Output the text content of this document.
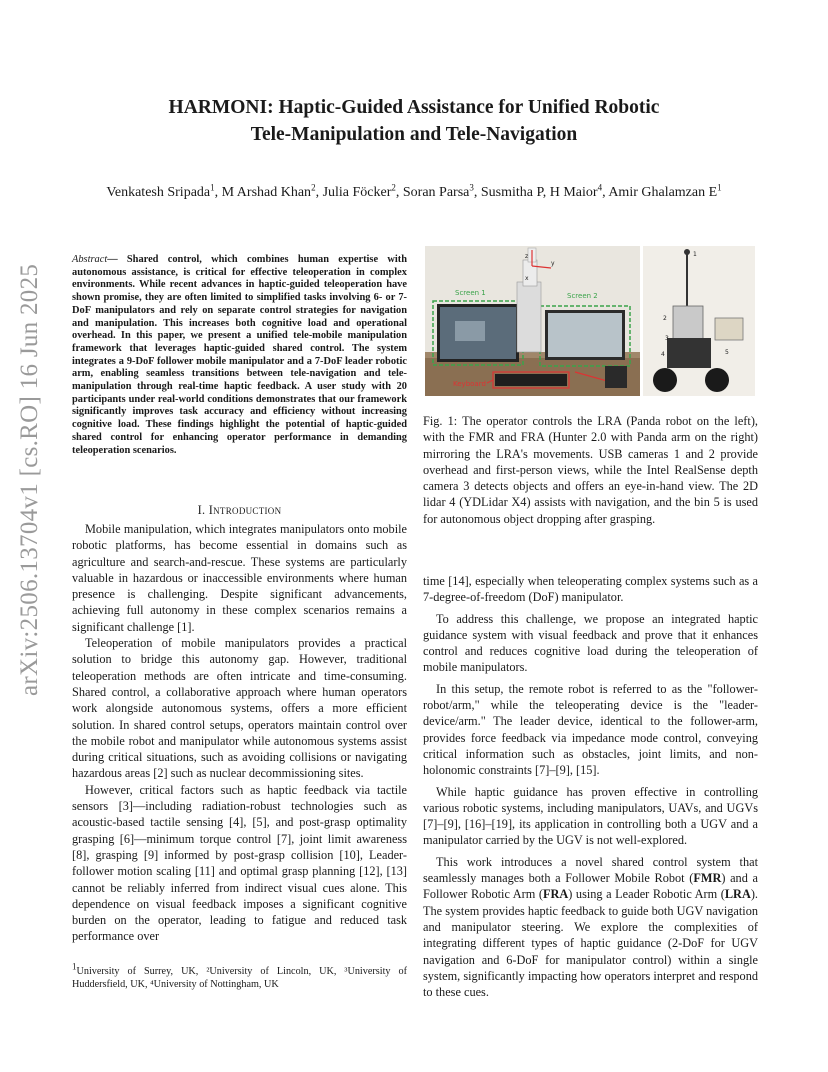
arXiv:2506.13704v1 [cs.RO] 16 Jun 2025
HARMONI: Haptic-Guided Assistance for Unified Robotic
Tele-Manipulation and Tele-Navigation
Venkatesh Sripada$^1$, M Arshad Khan$^2$, Julia Föcker$^2$, Soran Parsa$^3$, Susmitha P, H Maior$^4$, Amir Ghalamzan $E^1$
Abstract— Shared control, which combines human expertise with autonomous assistance, is critical for effective teleoperation in complex environments. While recent advances in haptic-guided teleoperation have shown promise, they are often limited to simplified tasks involving 6- or 7-DoF manipulators and rely on separate control strategies for navigation and manipulation. This increases both cognitive load and operational overhead. In this paper, we present a unified tele-mobile manipulation framework that leverages haptic-guided shared control. The system integrates a 9-DoF follower mobile manipulator and a 7-DoF leader robotic arm, enabling seamless transitions between tele-navigation and tele-manipulation through real-time haptic feedback. A user study with 20 participants under real-world conditions demonstrates that our framework significantly improves task accuracy and efficiency without increasing cognitive load. These findings highlight the potential of haptic-guided shared control for enhancing operator performance in demanding teleoperation scenarios.
I. Introduction

Mobile manipulation, which integrates manipulators onto mobile robotic platforms, has become essential in domains such as agriculture and search-and-rescue. These systems are particularly valuable in hazardous or inaccessible environments where human presence is challenging. Despite significant advancements, achieving full autonomy in these complex scenarios remains a significant challenge [1].

Teleoperation of mobile manipulators provides a practical solution to bridge this autonomy gap. However, traditional teleoperation methods are often intricate and time-consuming. Shared control, a collaborative approach where human operators work alongside autonomous systems, offers a more efficient solution. In shared control setups, operators maintain control over the mobile robot and manipulator while autonomous systems assist during critical situations, such as avoiding collisions or navigating hazardous areas [2] such as nuclear decommissioning sites.

However, critical factors such as haptic feedback via tactile sensors [3]—including radiation-robust technologies such as acoustic-based tactile sensing [4], [5], and post-grasp optimality grasping [6]—minimum torque control [7], joint limit awareness [8], grasping [9] informed by post-grasp collision [10], Leader-follower motion scaling [11] and optimal grasp planning [12], [13] cannot be reliably inferred from indirect visual cues alone. This dependence on visual feedback imposes a significant cognitive burden on the operator, leading to fatigue and reduced task performance over

$^1$University of Surrey, UK, ²University of Lincoln, UK, ³University of Huddersfield, UK, ⁴University of Nottingham, UK
Screen 1	Screen 2
z
y
x
Keyboard
1
2
3
4	5
Fig. 1: The operator controls the LRA (Panda robot on the left), with the FMR and FRA (Hunter 2.0 with Panda arm on the right) mirroring the LRA's movements. USB cameras 1 and 2 provide overhead and first-person views, while the Intel RealSense depth camera 3 detects objects and offers an eye-in-hand view. The 2D lidar 4 (YDLidar X4) assists with navigation, and the bin 5 is used for autonomous object dropping after grasping.

time [14], especially when teleoperating complex systems such as a 7-degree-of-freedom (DoF) manipulator.

To address this challenge, we propose an integrated haptic guidance system with visual feedback and prove that it enhances control and reduces cognitive load during the teleoperation of mobile manipulators.

In this setup, the remote robot is referred to as the "follower-robot/arm," while the teleoperating device is the "leader-device/arm." The leader device, identical to the follower-arm, provides force feedback via impedance mode control, conveying critical information such as obstacles, joint limits, and non-holonomic constraints [7]–[9], [15].

While haptic guidance has proven effective in controlling various robotic systems, including manipulators, UAVs, and UGVs [7]–[9], [16]–[19], its application in controlling both a UGV and a manipulator carried by the UGV is not well-explored.

This work introduces a novel shared control system that seamlessly manages both a Follower Mobile Robot (FMR) and a Follower Robotic Arm (FRA) using a Leader Robotic Arm (LRA). The system provides haptic feedback to guide both UGV navigation and manipulator steering. We explore the complexities of integrating different types of haptic guidance (2-DoF for UGV navigation and 6-DoF for manipulator control) within a single system, significantly impacting how operators interpret and respond to these cues.
